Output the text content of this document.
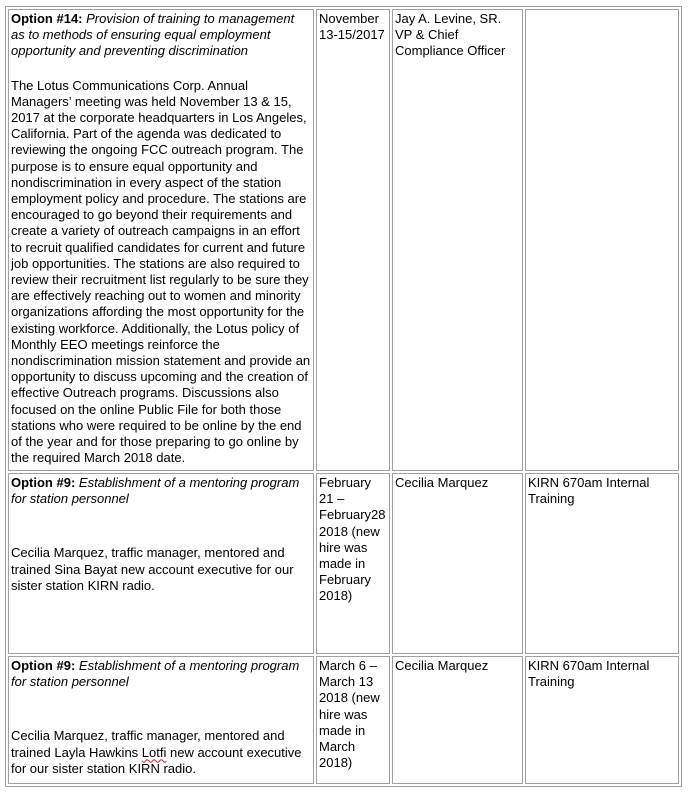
Option #14: Provision of training to management as to methods of ensuring equal employment opportunity and preventing discrimination

The Lotus Communications Corp. Annual Managers’ meeting was held November 13 & 15, 2017 at the corporate headquarters in Los Angeles, California. Part of the agenda was dedicated to reviewing the ongoing FCC outreach program. The purpose is to ensure equal opportunity and nondiscrimination in every aspect of the station employment policy and procedure. The stations are encouraged to go beyond their requirements and create a variety of outreach campaigns in an effort to recruit qualified candidates for current and future job opportunities. The stations are also required to review their recruitment list regularly to be sure they are effectively reaching out to women and minority organizations affording the most opportunity for the existing workforce. Additionally, the Lotus policy of Monthly EEO meetings reinforce the nondiscrimination mission statement and provide an opportunity to discuss upcoming and the creation of effective Outreach programs. Discussions also focused on the online Public File for both those stations who were required to be online by the end of the year and for those preparing to go online by the required March 2018 date.	November 13-15/2017	Jay A. Levine, SR. VP & Chief Compliance Officer	

Option #9: Establishment of a mentoring program for station personnel

Cecilia Marquez, traffic manager, mentored and trained Sina Bayat new account executive for our sister station KIRN radio.	February 21 – February28 2018 (new hire was made in February 2018)	Cecilia Marquez	KIRN 670am Internal Training

Option #9: Establishment of a mentoring program for station personnel

Cecilia Marquez, traffic manager, mentored and trained Layla Hawkins Lotfi new account executive for our sister station KIRN radio.	March 6 – March 13 2018 (new hire was made in March 2018)	Cecilia Marquez	KIRN 670am Internal Training
